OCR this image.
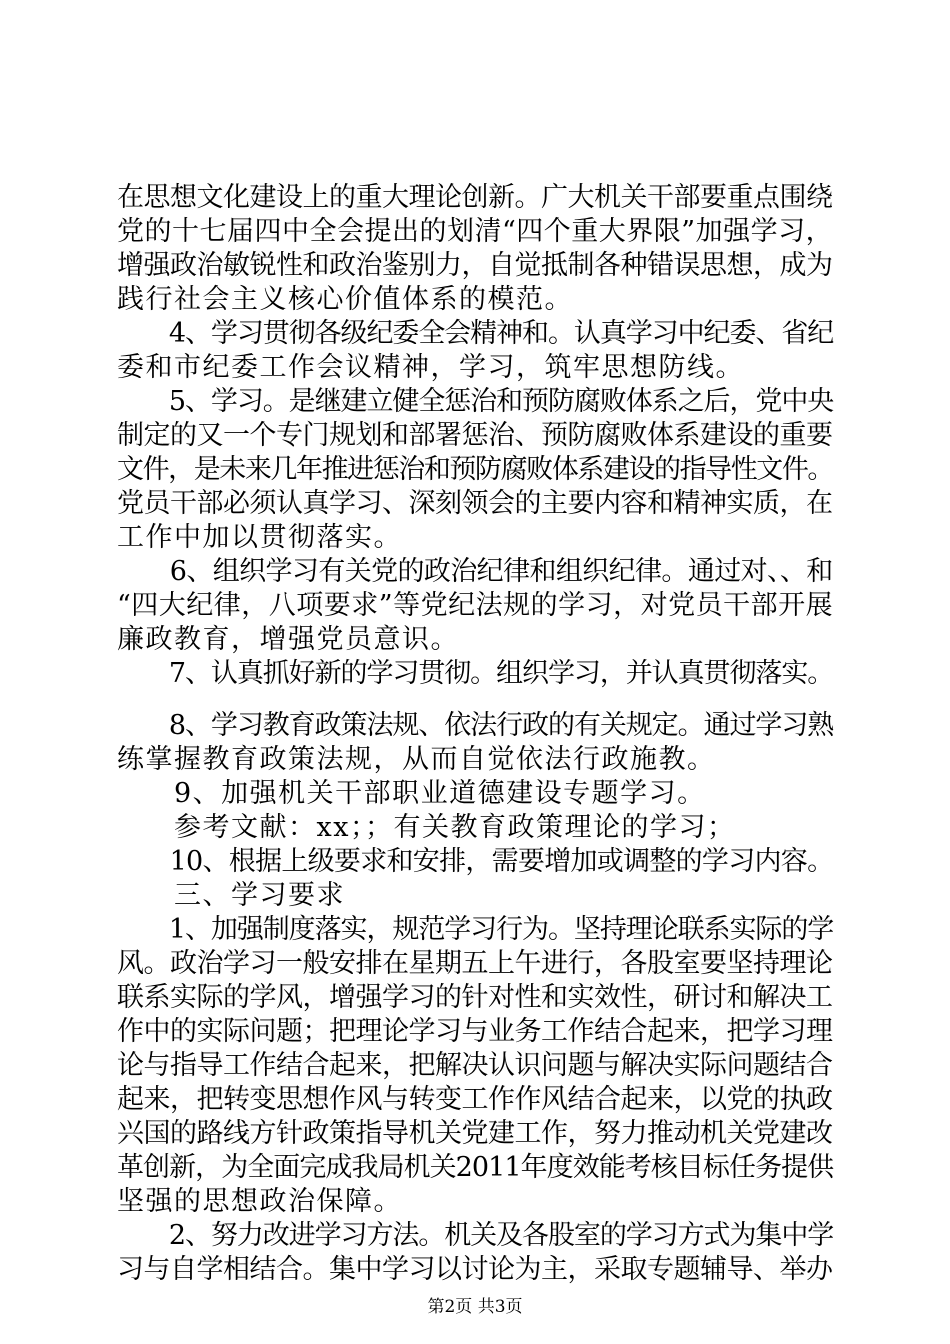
在思想文化建设上的重大理论创新。广大机关干部要重点围绕
党的十七届四中全会提出的划清“四个重大界限”加强学习，
增强政治敏锐性和政治鉴别力，自觉抵制各种错误思想，成为
践行社会主义核心价值体系的模范。
　　4、学习贯彻各级纪委全会精神和。认真学习中纪委、省纪
委和市纪委工作会议精神，学习，筑牢思想防线。
　　5、学习。是继建立健全惩治和预防腐败体系之后，党中央
制定的又一个专门规划和部署惩治、预防腐败体系建设的重要
文件，是未来几年推进惩治和预防腐败体系建设的指导性文件。
党员干部必须认真学习、深刻领会的主要内容和精神实质，在
工作中加以贯彻落实。
　　6、组织学习有关党的政治纪律和组织纪律。通过对、、和
“四大纪律，八项要求”等党纪法规的学习，对党员干部开展
廉政教育，增强党员意识。
　　7、认真抓好新的学习贯彻。组织学习，并认真贯彻落实。
　　8、学习教育政策法规、依法行政的有关规定。通过学习熟
练掌握教育政策法规，从而自觉依法行政施教。
　　9、加强机关干部职业道德建设专题学习。
　　参考文献：xx；；有关教育政策理论的学习；
　　10、根据上级要求和安排，需要增加或调整的学习内容。
　　三、学习要求
　　1、加强制度落实，规范学习行为。坚持理论联系实际的学
风。政治学习一般安排在星期五上午进行，各股室要坚持理论
联系实际的学风，增强学习的针对性和实效性，研讨和解决工
作中的实际问题；把理论学习与业务工作结合起来，把学习理
论与指导工作结合起来，把解决认识问题与解决实际问题结合
起来，把转变思想作风与转变工作作风结合起来，以党的执政
兴国的路线方针政策指导机关党建工作，努力推动机关党建改
革创新，为全面完成我局机关2011年度效能考核目标任务提供
坚强的思想政治保障。
　　2、努力改进学习方法。机关及各股室的学习方式为集中学
习与自学相结合。集中学习以讨论为主，采取专题辅导、举办
第2页 共3页
